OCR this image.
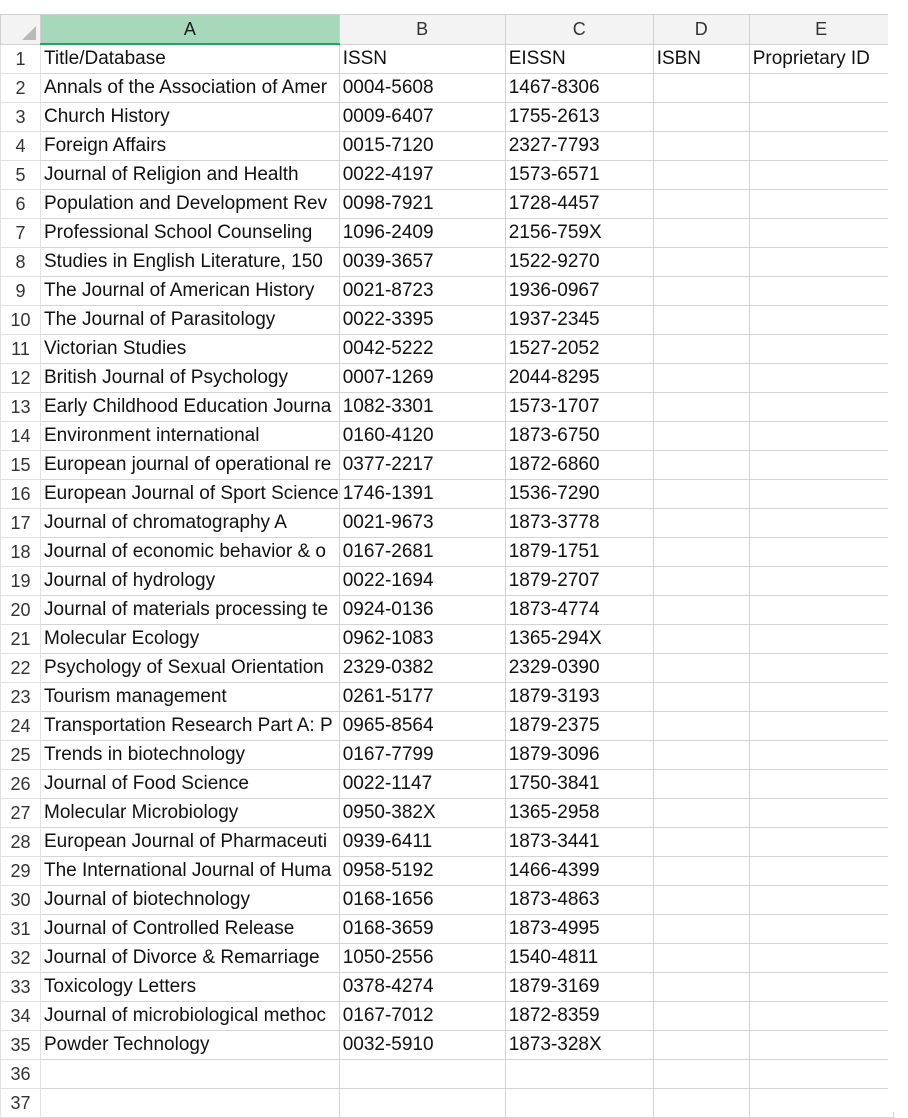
	A	B	C	D	E
1	Title/Database	ISSN	EISSN	ISBN	Proprietary ID
2	Annals of the Association of Amer	0004-5608	1467-8306		
3	Church History	0009-6407	1755-2613		
4	Foreign Affairs	0015-7120	2327-7793		
5	Journal of Religion and Health	0022-4197	1573-6571		
6	Population and Development Rev	0098-7921	1728-4457		
7	Professional School Counseling	1096-2409	2156-759X		
8	Studies in English Literature, 150	0039-3657	1522-9270		
9	The Journal of American History	0021-8723	1936-0967		
10	The Journal of Parasitology	0022-3395	1937-2345		
11	Victorian Studies	0042-5222	1527-2052		
12	British Journal of Psychology	0007-1269	2044-8295		
13	Early Childhood Education Journa	1082-3301	1573-1707		
14	Environment international	0160-4120	1873-6750		
15	European journal of operational re	0377-2217	1872-6860		
16	European Journal of Sport Science	1746-1391	1536-7290		
17	Journal of chromatography A	0021-9673	1873-3778		
18	Journal of economic behavior & o	0167-2681	1879-1751		
19	Journal of hydrology	0022-1694	1879-2707		
20	Journal of materials processing te	0924-0136	1873-4774		
21	Molecular Ecology	0962-1083	1365-294X		
22	Psychology of Sexual Orientation	2329-0382	2329-0390		
23	Tourism management	0261-5177	1879-3193		
24	Transportation Research Part A: P	0965-8564	1879-2375		
25	Trends in biotechnology	0167-7799	1879-3096		
26	Journal of Food Science	0022-1147	1750-3841		
27	Molecular Microbiology	0950-382X	1365-2958		
28	European Journal of Pharmaceuti	0939-6411	1873-3441		
29	The International Journal of Huma	0958-5192	1466-4399		
30	Journal of biotechnology	0168-1656	1873-4863		
31	Journal of Controlled Release	0168-3659	1873-4995		
32	Journal of Divorce & Remarriage	1050-2556	1540-4811		
33	Toxicology Letters	0378-4274	1879-3169		
34	Journal of microbiological methoc	0167-7012	1872-8359		
35	Powder Technology	0032-5910	1873-328X		
36					
37					
